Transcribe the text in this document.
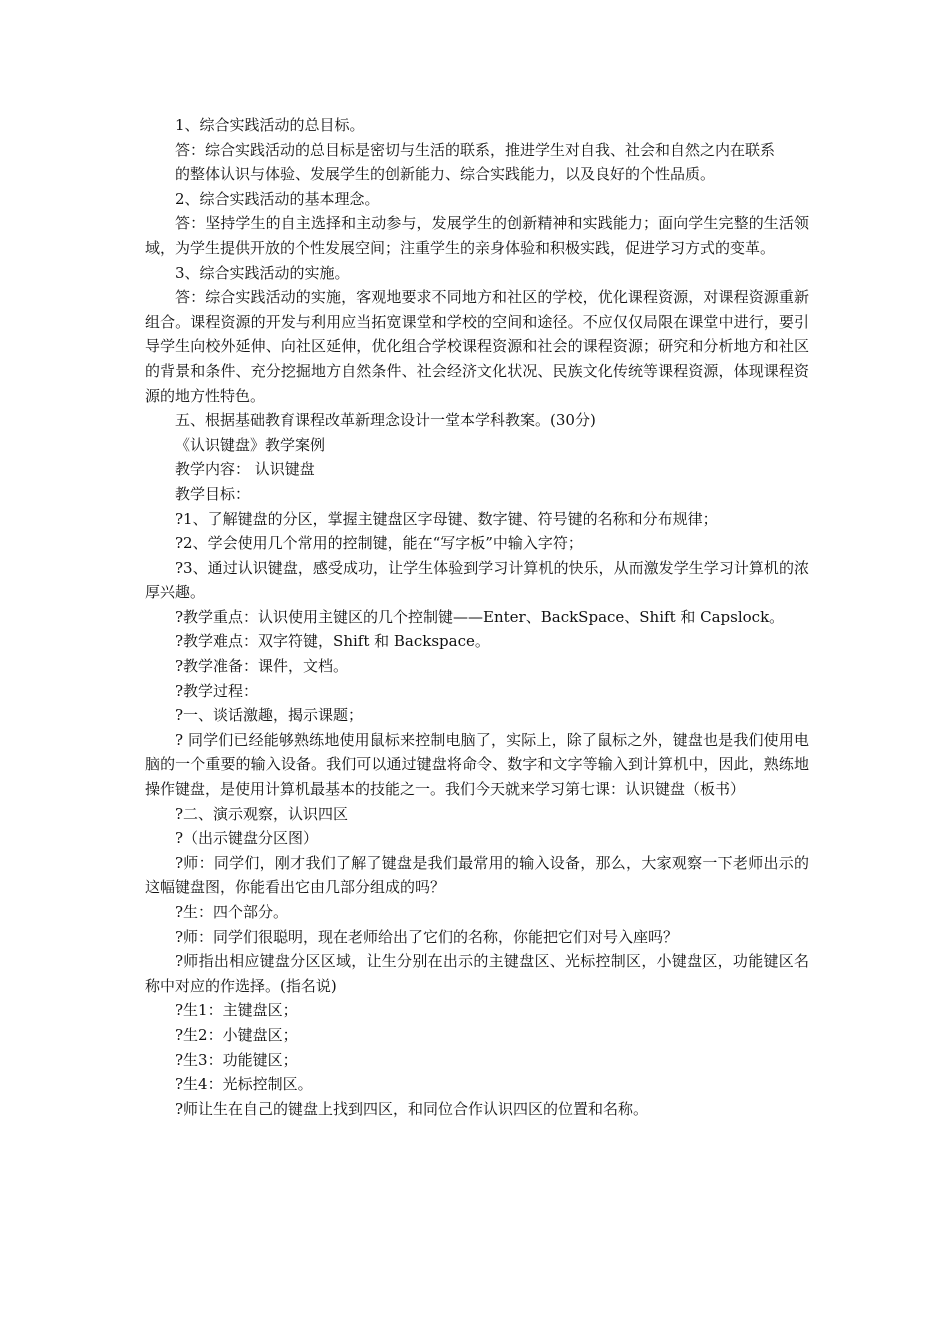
1、综合实践活动的总目标。

答：综合实践活动的总目标是密切与生活的联系，推进学生对自我、社会和自然之内在联系

的整体认识与体验、发展学生的创新能力、综合实践能力，以及良好的个性品质。

2、综合实践活动的基本理念。

答：坚持学生的自主选择和主动参与，发展学生的创新精神和实践能力；面向学生完整的生活领域，为学生提供开放的个性发展空间；注重学生的亲身体验和积极实践，促进学习方式的变革。

3、综合实践活动的实施。

答：综合实践活动的实施，客观地要求不同地方和社区的学校，优化课程资源，对课程资源重新组合。课程资源的开发与利用应当拓宽课堂和学校的空间和途径。不应仅仅局限在课堂中进行，要引导学生向校外延伸、向社区延伸，优化组合学校课程资源和社会的课程资源；研究和分析地方和社区的背景和条件、充分挖掘地方自然条件、社会经济文化状况、民族文化传统等课程资源，体现课程资源的地方性特色。

五、根据基础教育课程改革新理念设计一堂本学科教案。(30分)

《认识键盘》教学案例

教学内容： 认识键盘

教学目标：

?1、了解键盘的分区，掌握主键盘区字母键、数字键、符号键的名称和分布规律；

?2、学会使用几个常用的控制键，能在“写字板”中输入字符；

?3、通过认识键盘，感受成功，让学生体验到学习计算机的快乐，从而激发学生学习计算机的浓厚兴趣。

?教学重点：认识使用主键区的几个控制键——Enter、BackSpace、Shift 和 Capslock。

?教学难点：双字符键，Shift 和 Backspace。

?教学准备：课件，文档。

?教学过程：

?一、谈话激趣，揭示课题；

? 同学们已经能够熟练地使用鼠标来控制电脑了，实际上，除了鼠标之外，键盘也是我们使用电脑的一个重要的输入设备。我们可以通过键盘将命令、数字和文字等输入到计算机中，因此，熟练地操作键盘，是使用计算机最基本的技能之一。我们今天就来学习第七课：认识键盘（板书）

?二、演示观察，认识四区

?（出示键盘分区图）

?师：同学们，刚才我们了解了键盘是我们最常用的输入设备，那么，大家观察一下老师出示的这幅键盘图，你能看出它由几部分组成的吗？

?生：四个部分。

?师：同学们很聪明，现在老师给出了它们的名称，你能把它们对号入座吗？

?师指出相应键盘分区区域，让生分别在出示的主键盘区、光标控制区，小键盘区，功能键区名称中对应的作选择。(指名说)

?生1：主键盘区；

?生2：小键盘区；

?生3：功能键区；

?生4：光标控制区。

?师让生在自己的键盘上找到四区，和同位合作认识四区的位置和名称。
